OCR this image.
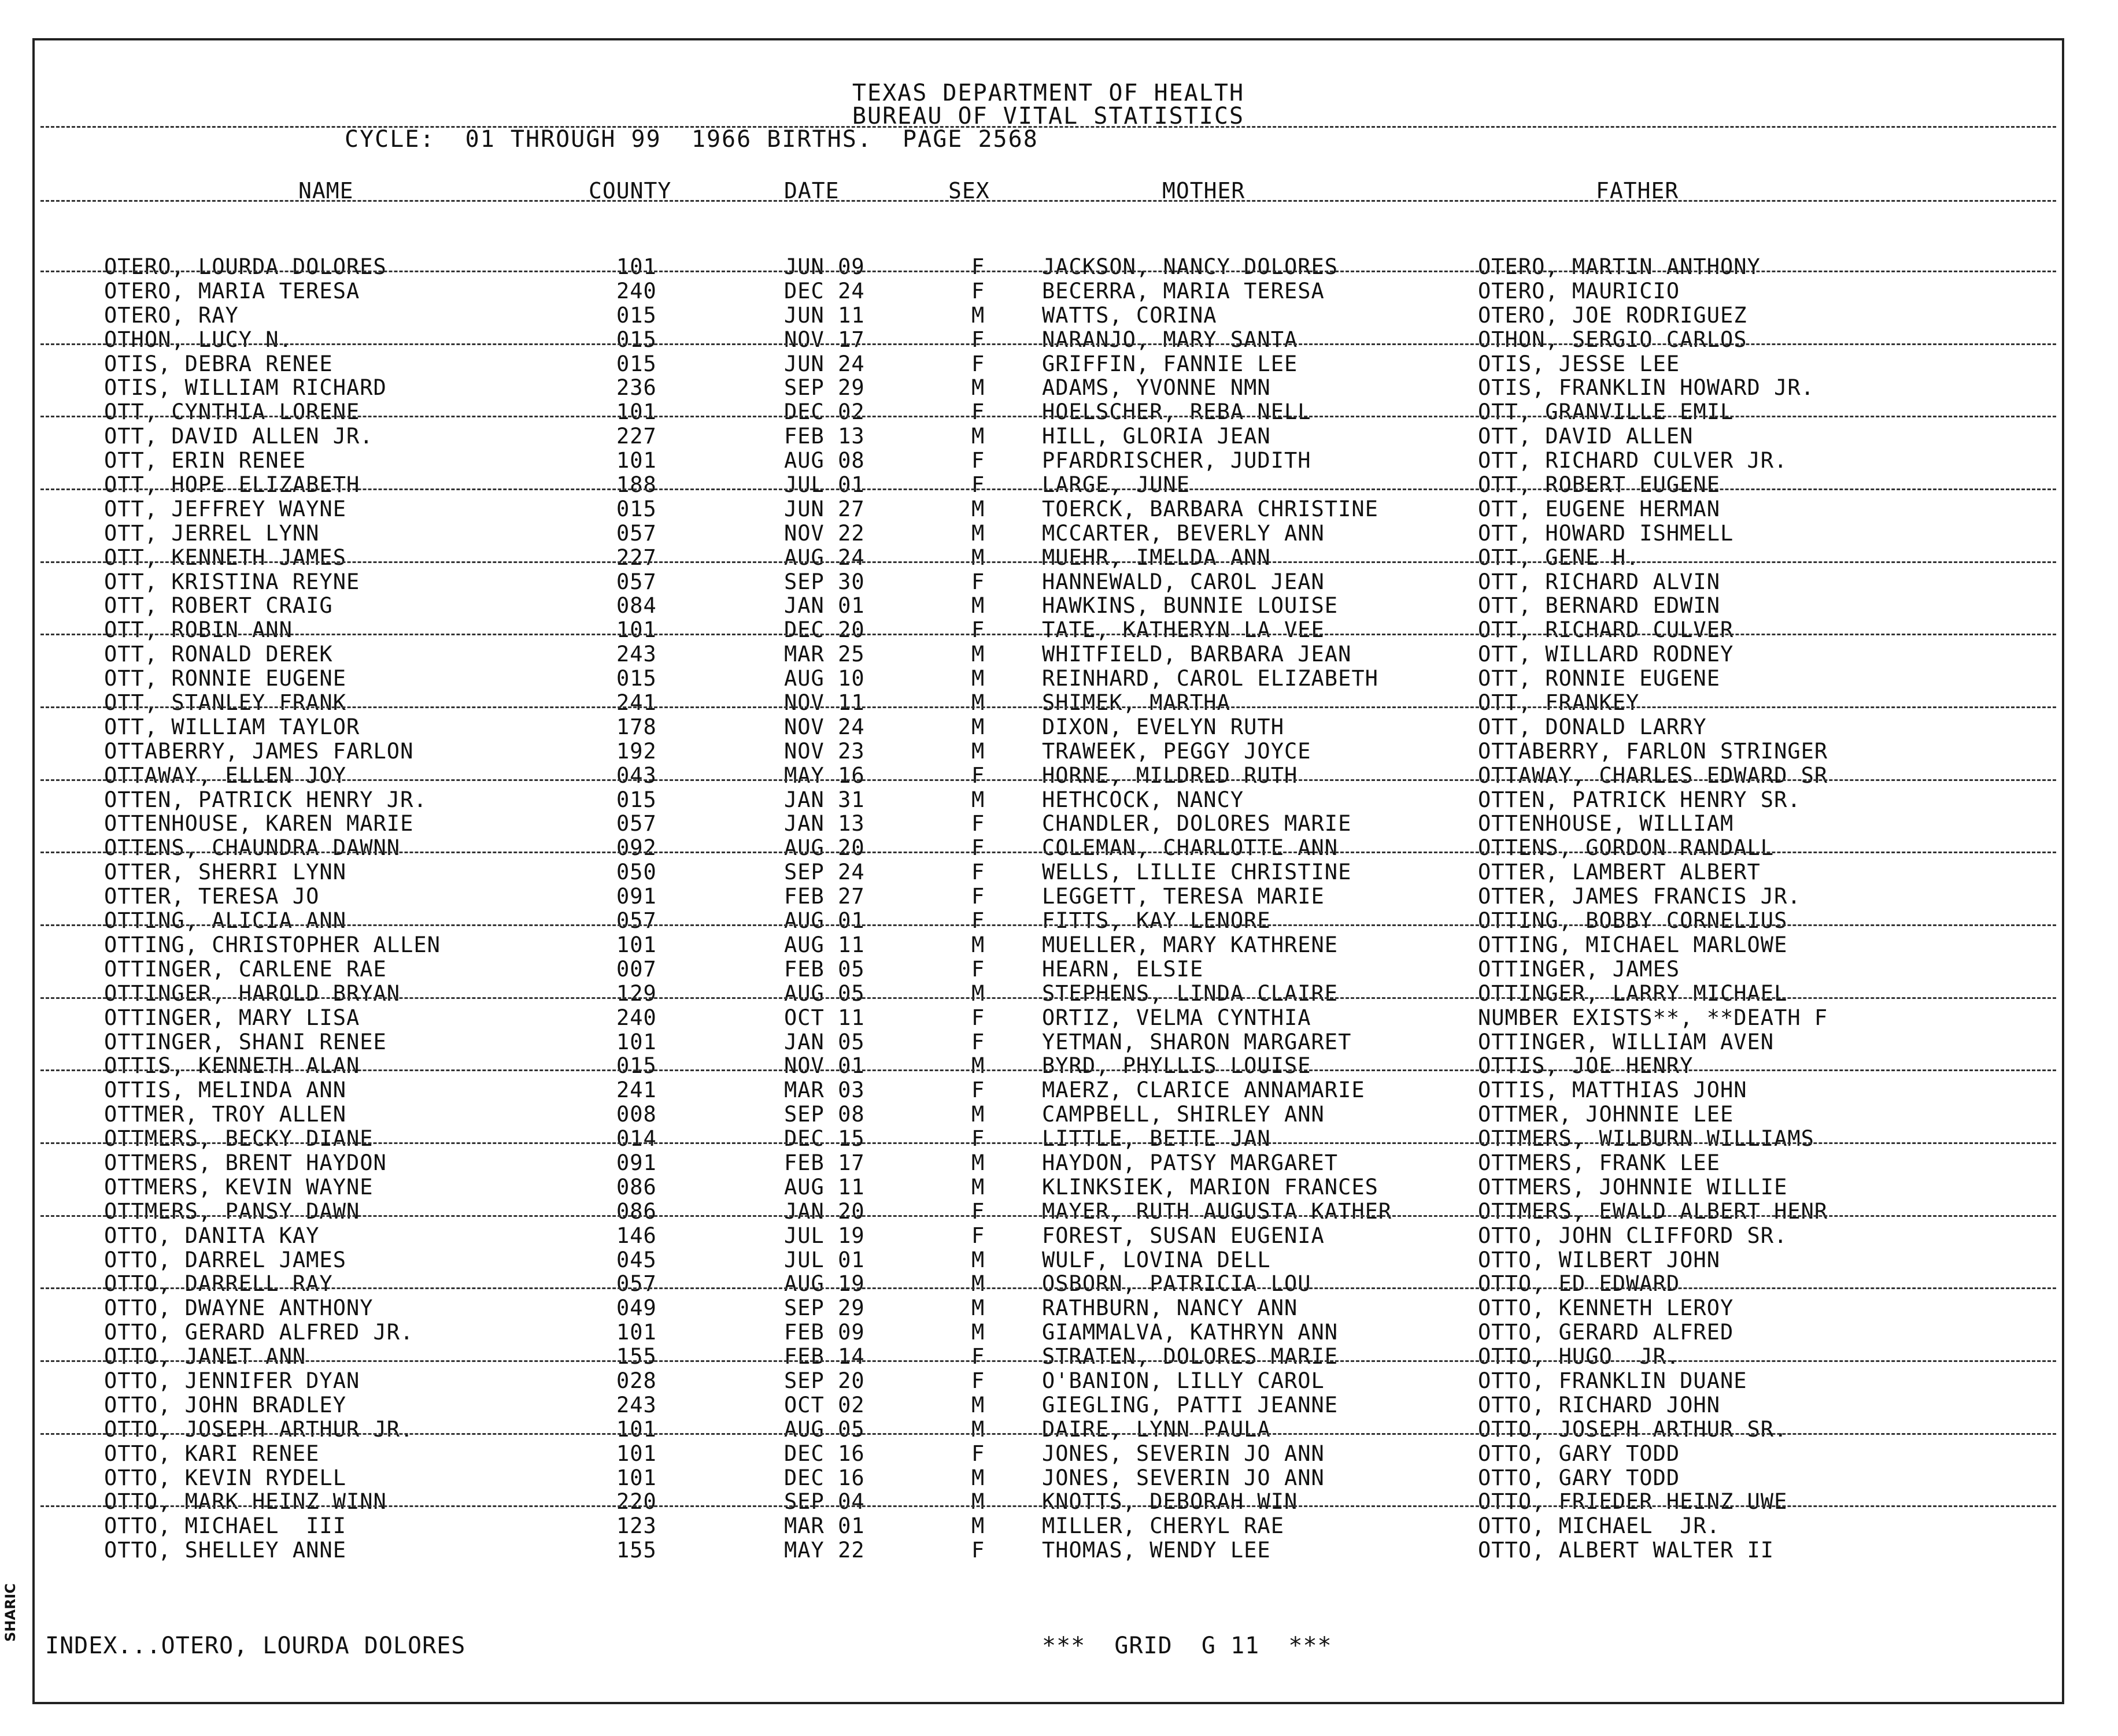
TEXAS DEPARTMENT OF HEALTH
BUREAU OF VITAL STATISTICS
CYCLE:  01 THROUGH 99  1966 BIRTHS.  PAGE 2568
NAME	COUNTY	DATE	SEX	MOTHER	FATHER
OTERO, LOURDA DOLORES	101	JUN 09	F	JACKSON, NANCY DOLORES	OTERO, MARTIN ANTHONY
OTERO, MARIA TERESA	240	DEC 24	F	BECERRA, MARIA TERESA	OTERO, MAURICIO
OTERO, RAY	015	JUN 11	M	WATTS, CORINA	OTERO, JOE RODRIGUEZ
OTHON, LUCY N.	015	NOV 17	F	NARANJO, MARY SANTA	OTHON, SERGIO CARLOS
OTIS, DEBRA RENEE	015	JUN 24	F	GRIFFIN, FANNIE LEE	OTIS, JESSE LEE
OTIS, WILLIAM RICHARD	236	SEP 29	M	ADAMS, YVONNE NMN	OTIS, FRANKLIN HOWARD JR.
OTT, CYNTHIA LORENE	101	DEC 02	F	HOELSCHER, REBA NELL	OTT, GRANVILLE EMIL
OTT, DAVID ALLEN JR.	227	FEB 13	M	HILL, GLORIA JEAN	OTT, DAVID ALLEN
OTT, ERIN RENEE	101	AUG 08	F	PFARDRISCHER, JUDITH	OTT, RICHARD CULVER JR.
OTT, HOPE ELIZABETH	188	JUL 01	F	LARGE, JUNE	OTT, ROBERT EUGENE
OTT, JEFFREY WAYNE	015	JUN 27	M	TOERCK, BARBARA CHRISTINE	OTT, EUGENE HERMAN
OTT, JERREL LYNN	057	NOV 22	M	MCCARTER, BEVERLY ANN	OTT, HOWARD ISHMELL
OTT, KENNETH JAMES	227	AUG 24	M	MUEHR, IMELDA ANN	OTT, GENE H.
OTT, KRISTINA REYNE	057	SEP 30	F	HANNEWALD, CAROL JEAN	OTT, RICHARD ALVIN
OTT, ROBERT CRAIG	084	JAN 01	M	HAWKINS, BUNNIE LOUISE	OTT, BERNARD EDWIN
OTT, ROBIN ANN	101	DEC 20	F	TATE, KATHERYN LA VEE	OTT, RICHARD CULVER
OTT, RONALD DEREK	243	MAR 25	M	WHITFIELD, BARBARA JEAN	OTT, WILLARD RODNEY
OTT, RONNIE EUGENE	015	AUG 10	M	REINHARD, CAROL ELIZABETH	OTT, RONNIE EUGENE
OTT, STANLEY FRANK	241	NOV 11	M	SHIMEK, MARTHA	OTT, FRANKEY
OTT, WILLIAM TAYLOR	178	NOV 24	M	DIXON, EVELYN RUTH	OTT, DONALD LARRY
OTTABERRY, JAMES FARLON	192	NOV 23	M	TRAWEEK, PEGGY JOYCE	OTTABERRY, FARLON STRINGER
OTTAWAY, ELLEN JOY	043	MAY 16	F	HORNE, MILDRED RUTH	OTTAWAY, CHARLES EDWARD SR
OTTEN, PATRICK HENRY JR.	015	JAN 31	M	HETHCOCK, NANCY	OTTEN, PATRICK HENRY SR.
OTTENHOUSE, KAREN MARIE	057	JAN 13	F	CHANDLER, DOLORES MARIE	OTTENHOUSE, WILLIAM
OTTENS, CHAUNDRA DAWNN	092	AUG 20	F	COLEMAN, CHARLOTTE ANN	OTTENS, GORDON RANDALL
OTTER, SHERRI LYNN	050	SEP 24	F	WELLS, LILLIE CHRISTINE	OTTER, LAMBERT ALBERT
OTTER, TERESA JO	091	FEB 27	F	LEGGETT, TERESA MARIE	OTTER, JAMES FRANCIS JR.
OTTING, ALICIA ANN	057	AUG 01	F	FITTS, KAY LENORE	OTTING, BOBBY CORNELIUS
OTTING, CHRISTOPHER ALLEN	101	AUG 11	M	MUELLER, MARY KATHRENE	OTTING, MICHAEL MARLOWE
OTTINGER, CARLENE RAE	007	FEB 05	F	HEARN, ELSIE	OTTINGER, JAMES
OTTINGER, HAROLD BRYAN	129	AUG 05	M	STEPHENS, LINDA CLAIRE	OTTINGER, LARRY MICHAEL
OTTINGER, MARY LISA	240	OCT 11	F	ORTIZ, VELMA CYNTHIA	NUMBER EXISTS**, **DEATH F
OTTINGER, SHANI RENEE	101	JAN 05	F	YETMAN, SHARON MARGARET	OTTINGER, WILLIAM AVEN
OTTIS, KENNETH ALAN	015	NOV 01	M	BYRD, PHYLLIS LOUISE	OTTIS, JOE HENRY
OTTIS, MELINDA ANN	241	MAR 03	F	MAERZ, CLARICE ANNAMARIE	OTTIS, MATTHIAS JOHN
OTTMER, TROY ALLEN	008	SEP 08	M	CAMPBELL, SHIRLEY ANN	OTTMER, JOHNNIE LEE
OTTMERS, BECKY DIANE	014	DEC 15	F	LITTLE, BETTE JAN	OTTMERS, WILBURN WILLIAMS
OTTMERS, BRENT HAYDON	091	FEB 17	M	HAYDON, PATSY MARGARET	OTTMERS, FRANK LEE
OTTMERS, KEVIN WAYNE	086	AUG 11	M	KLINKSIEK, MARION FRANCES	OTTMERS, JOHNNIE WILLIE
OTTMERS, PANSY DAWN	086	JAN 20	F	MAYER, RUTH AUGUSTA KATHER	OTTMERS, EWALD ALBERT HENR
OTTO, DANITA KAY	146	JUL 19	F	FOREST, SUSAN EUGENIA	OTTO, JOHN CLIFFORD SR.
OTTO, DARREL JAMES	045	JUL 01	M	WULF, LOVINA DELL	OTTO, WILBERT JOHN
OTTO, DARRELL RAY	057	AUG 19	M	OSBORN, PATRICIA LOU	OTTO, ED EDWARD
OTTO, DWAYNE ANTHONY	049	SEP 29	M	RATHBURN, NANCY ANN	OTTO, KENNETH LEROY
OTTO, GERARD ALFRED JR.	101	FEB 09	M	GIAMMALVA, KATHRYN ANN	OTTO, GERARD ALFRED
OTTO, JANET ANN	155	FEB 14	F	STRATEN, DOLORES MARIE	OTTO, HUGO  JR.
OTTO, JENNIFER DYAN	028	SEP 20	F	O'BANION, LILLY CAROL	OTTO, FRANKLIN DUANE
OTTO, JOHN BRADLEY	243	OCT 02	M	GIEGLING, PATTI JEANNE	OTTO, RICHARD JOHN
OTTO, JOSEPH ARTHUR JR.	101	AUG 05	M	DAIRE, LYNN PAULA	OTTO, JOSEPH ARTHUR SR.
OTTO, KARI RENEE	101	DEC 16	F	JONES, SEVERIN JO ANN	OTTO, GARY TODD
OTTO, KEVIN RYDELL	101	DEC 16	M	JONES, SEVERIN JO ANN	OTTO, GARY TODD
OTTO, MARK HEINZ WINN	220	SEP 04	M	KNOTTS, DEBORAH WIN	OTTO, FRIEDER HEINZ UWE
OTTO, MICHAEL  III	123	MAR 01	M	MILLER, CHERYL RAE	OTTO, MICHAEL  JR.
OTTO, SHELLEY ANNE	155	MAY 22	F	THOMAS, WENDY LEE	OTTO, ALBERT WALTER II
INDEX...OTERO, LOURDA DOLORES	***  GRID  G 11  ***
SHARIC
